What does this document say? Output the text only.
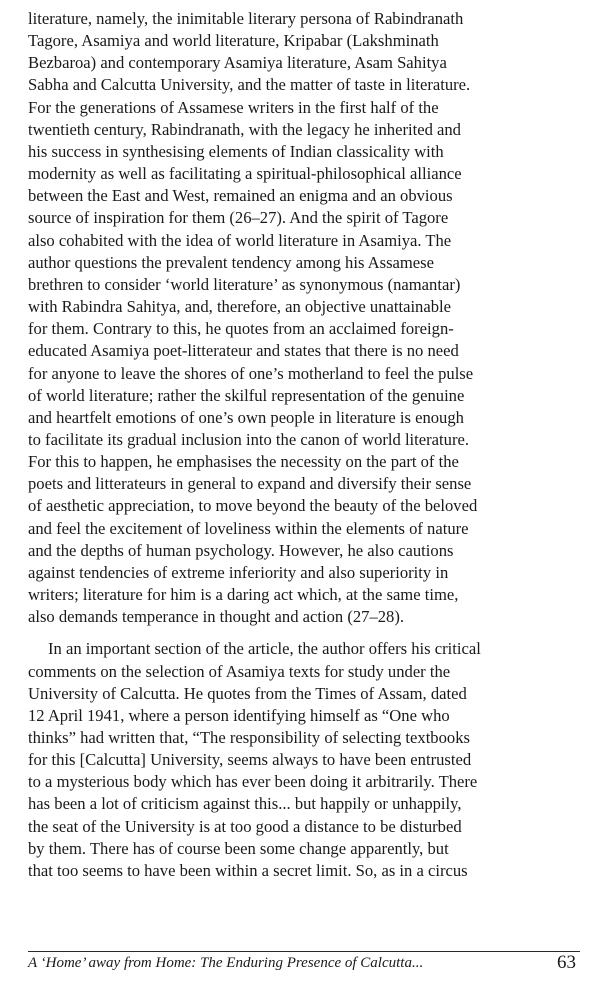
literature, namely, the inimitable literary persona of Rabindranath
Tagore, Asamiya and world literature, Kripabar (Lakshminath
Bezbaroa) and contemporary Asamiya literature, Asam Sahitya
Sabha and Calcutta University, and the matter of taste in literature.
For the generations of Assamese writers in the first half of the
twentieth century, Rabindranath, with the legacy he inherited and
his success in synthesising elements of Indian classicality with
modernity as well as facilitating a spiritual-philosophical alliance
between the East and West, remained an enigma and an obvious
source of inspiration for them (26–27). And the spirit of Tagore
also cohabited with the idea of world literature in Asamiya. The
author questions the prevalent tendency among his Assamese
brethren to consider ‘world literature’ as synonymous (namantar)
with Rabindra Sahitya, and, therefore, an objective unattainable
for them. Contrary to this, he quotes from an acclaimed foreign-
educated Asamiya poet-litterateur and states that there is no need
for anyone to leave the shores of one’s motherland to feel the pulse
of world literature; rather the skilful representation of the genuine
and heartfelt emotions of one’s own people in literature is enough
to facilitate its gradual inclusion into the canon of world literature.
For this to happen, he emphasises the necessity on the part of the
poets and litterateurs in general to expand and diversify their sense
of aesthetic appreciation, to move beyond the beauty of the beloved
and feel the excitement of loveliness within the elements of nature
and the depths of human psychology. However, he also cautions
against tendencies of extreme inferiority and also superiority in
writers; literature for him is a daring act which, at the same time,
also demands temperance in thought and action (27–28).

In an important section of the article, the author offers his critical
comments on the selection of Asamiya texts for study under the
University of Calcutta. He quotes from the Times of Assam, dated
12 April 1941, where a person identifying himself as “One who
thinks” had written that, “The responsibility of selecting textbooks
for this [Calcutta] University, seems always to have been entrusted
to a mysterious body which has ever been doing it arbitrarily. There
has been a lot of criticism against this... but happily or unhappily,
the seat of the University is at too good a distance to be disturbed
by them. There has of course been some change apparently, but
that too seems to have been within a secret limit. So, as in a circus

A ‘Home’ away from Home: The Enduring Presence of Calcutta...	63
